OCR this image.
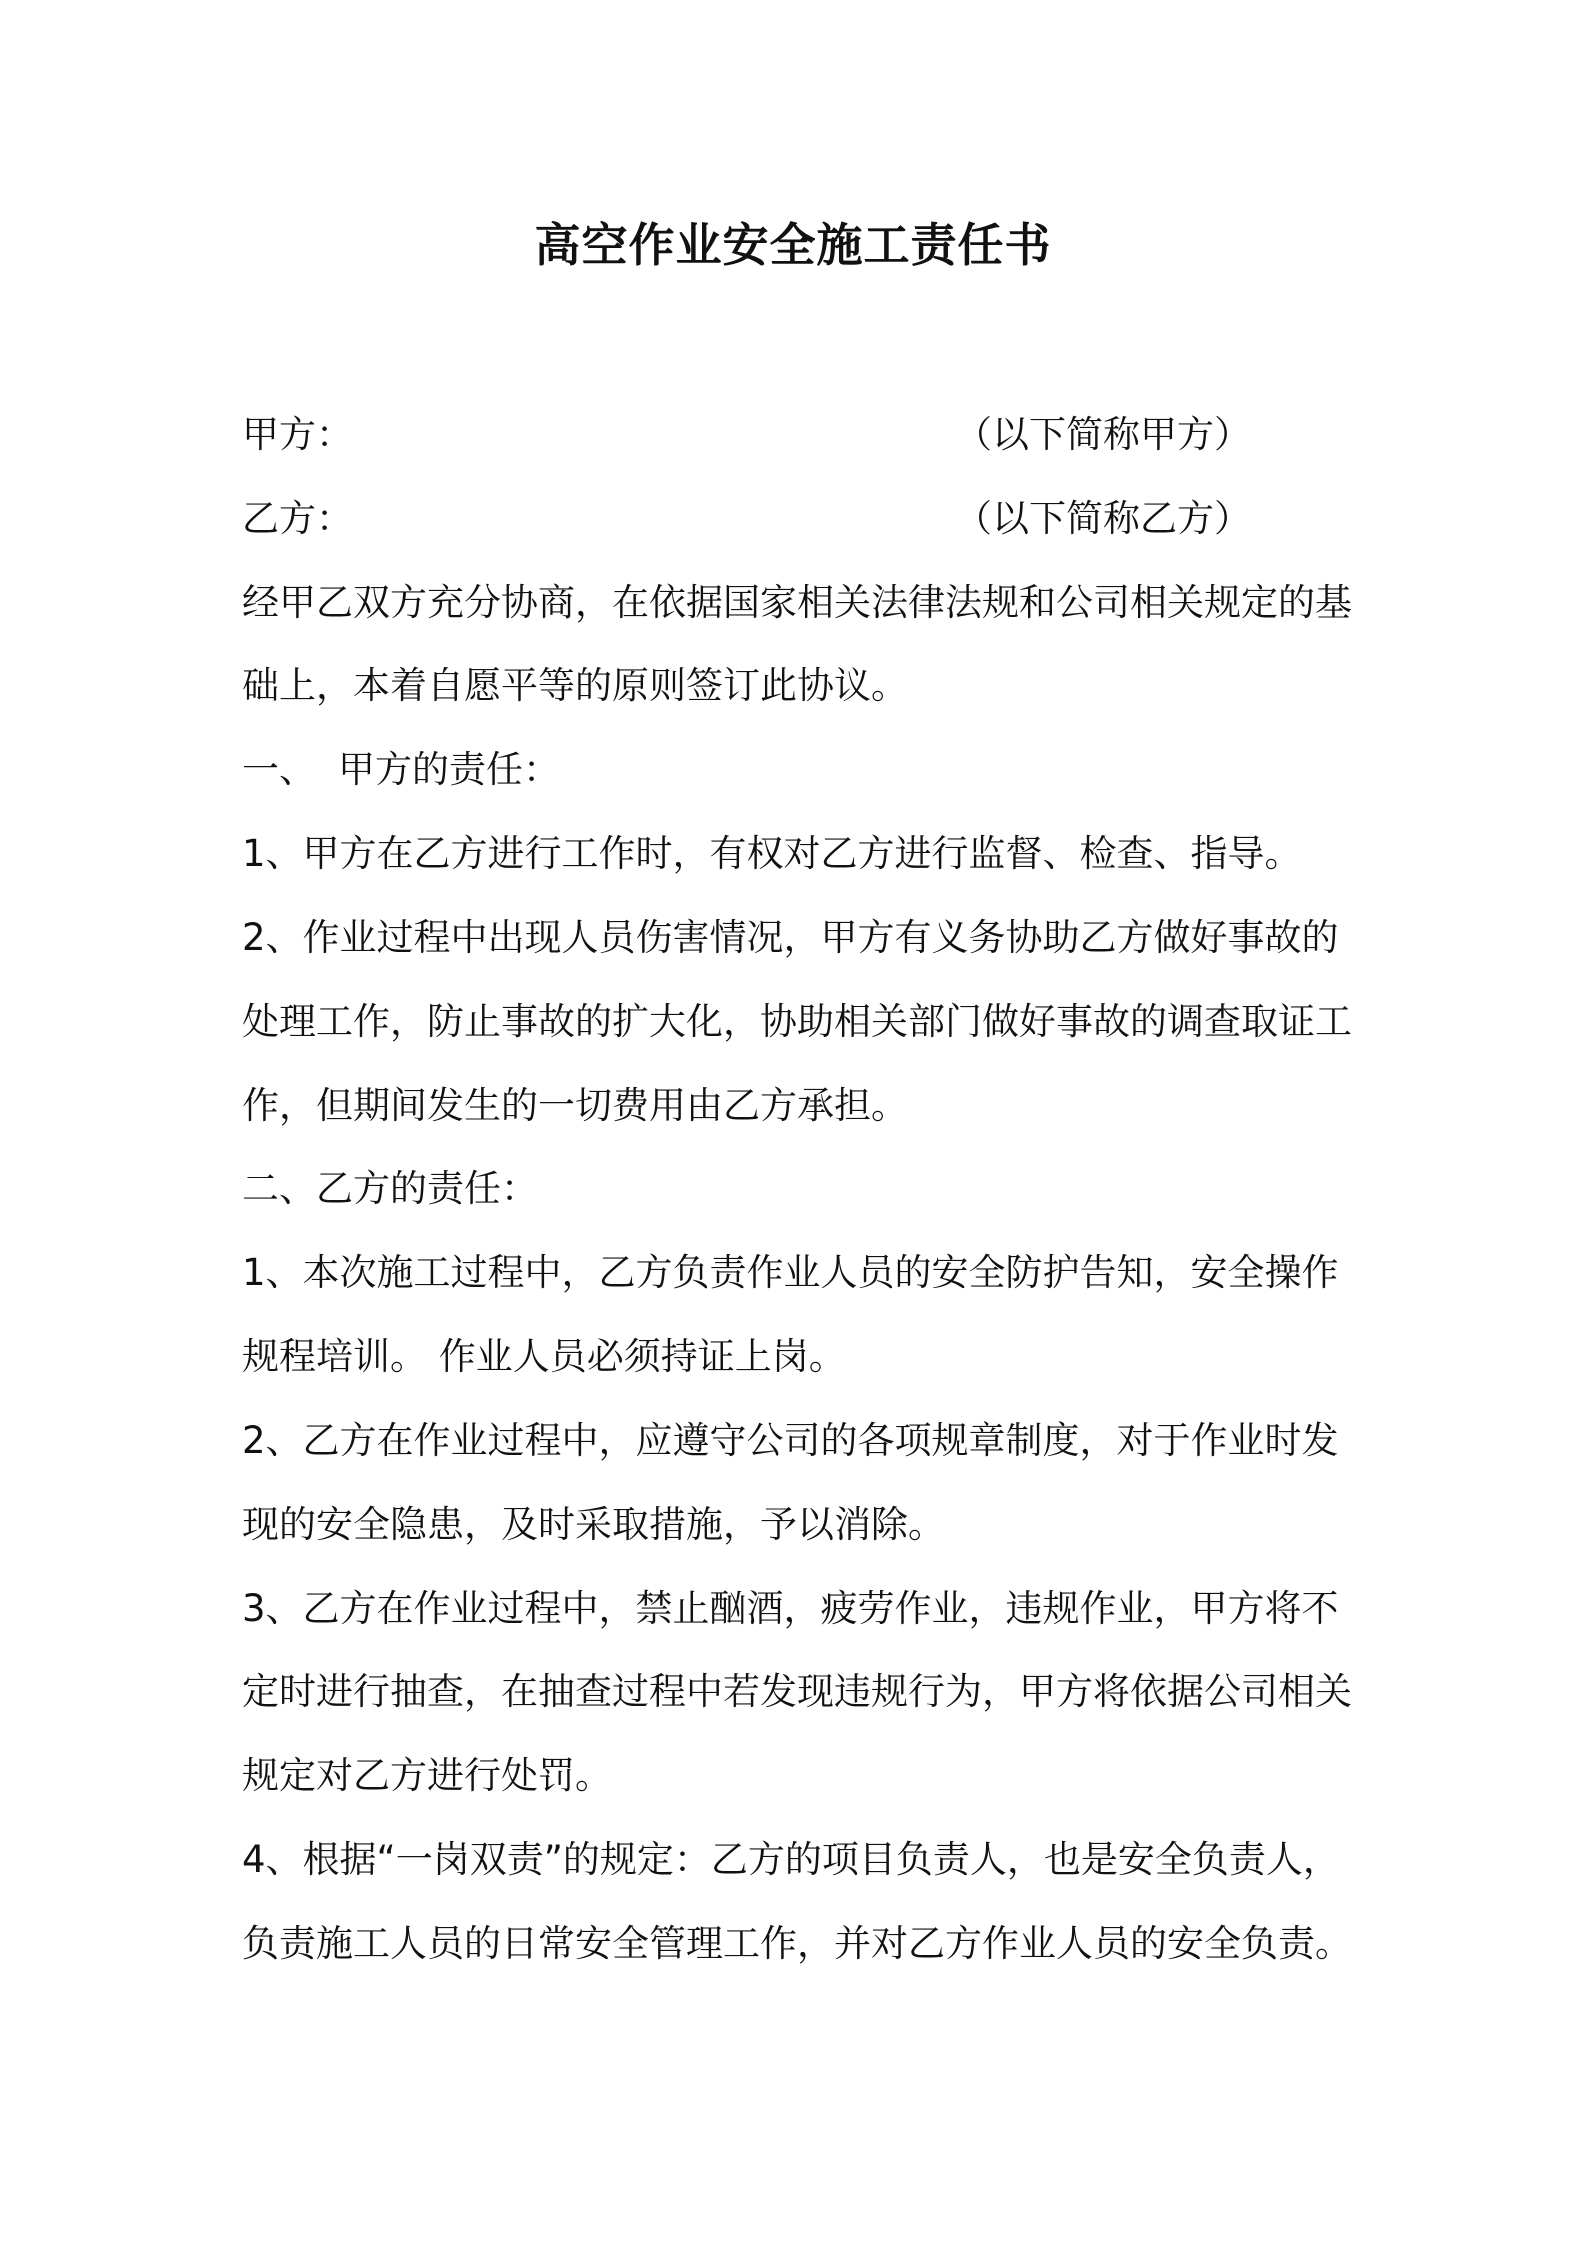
高空作业安全施工责任书
甲方：	（以下简称甲方）
乙方：	（以下简称乙方）
经甲乙双方充分协商，在依据国家相关法律法规和公司相关规定的基
础上，本着自愿平等的原则签订此协议。
一、 甲方的责任：
1、甲方在乙方进行工作时，有权对乙方进行监督、检查、指导。
2、作业过程中出现人员伤害情况，甲方有义务协助乙方做好事故的
处理工作，防止事故的扩大化，协助相关部门做好事故的调查取证工
作，但期间发生的一切费用由乙方承担。
二、乙方的责任：
1、本次施工过程中，乙方负责作业人员的安全防护告知，安全操作
规程培训。 作业人员必须持证上岗。
2、乙方在作业过程中，应遵守公司的各项规章制度，对于作业时发
现的安全隐患，及时采取措施，予以消除。
3、乙方在作业过程中，禁止酗酒，疲劳作业，违规作业，甲方将不
定时进行抽查，在抽查过程中若发现违规行为，甲方将依据公司相关
规定对乙方进行处罚。
4、根据“一岗双责”的规定：乙方的项目负责人，也是安全负责人，
负责施工人员的日常安全管理工作，并对乙方作业人员的安全负责。
